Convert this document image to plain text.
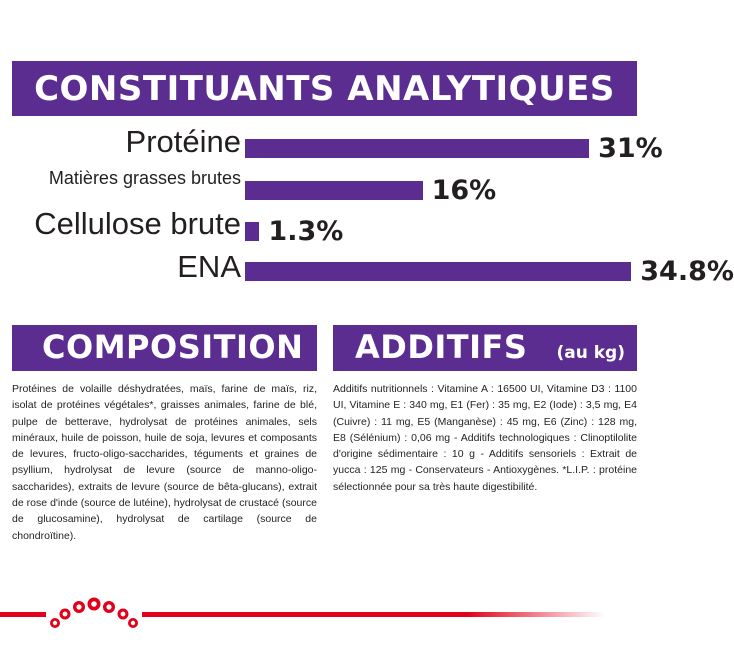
CONSTITUANTS ANALYTIQUES
Protéine	31%
Matières grasses brutes	16%
Cellulose brute 1.3%
ENA	34.8%
COMPOSITION
Protéines de volaille déshydratées, maïs, farine de maïs, riz, isolat de protéines végétales*, graisses animales, farine de blé, pulpe de betterave, hydrolysat de protéines animales, sels minéraux, huile de poisson, huile de soja, levures et composants de levures, fructo-oligo-saccharides, téguments et graines de psyllium, hydrolysat de levure (source de manno-oligo-saccharides), extraits de levure (source de bêta-glucans), extrait de rose d'inde (source de lutéine), hydrolysat de crustacé (source de glucosamine), hydrolysat de cartilage (source de chondroïtine).
ADDITIFS (au kg)
Additifs nutritionnels : Vitamine A : 16500 UI, Vitamine D3 : 1100 UI, Vitamine E : 340 mg, E1 (Fer) : 35 mg, E2 (Iode) : 3,5 mg, E4 (Cuivre) : 11 mg, E5 (Manganèse) : 45 mg, E6 (Zinc) : 128 mg, E8 (Sélénium) : 0,06 mg - Additifs technologiques : Clinoptilolite d'origine sédimentaire : 10 g - Additifs sensoriels : Extrait de yucca : 125 mg - Conservateurs - Antioxygènes. *L.I.P. : protéine sélectionnée pour sa très haute digestibilité.
